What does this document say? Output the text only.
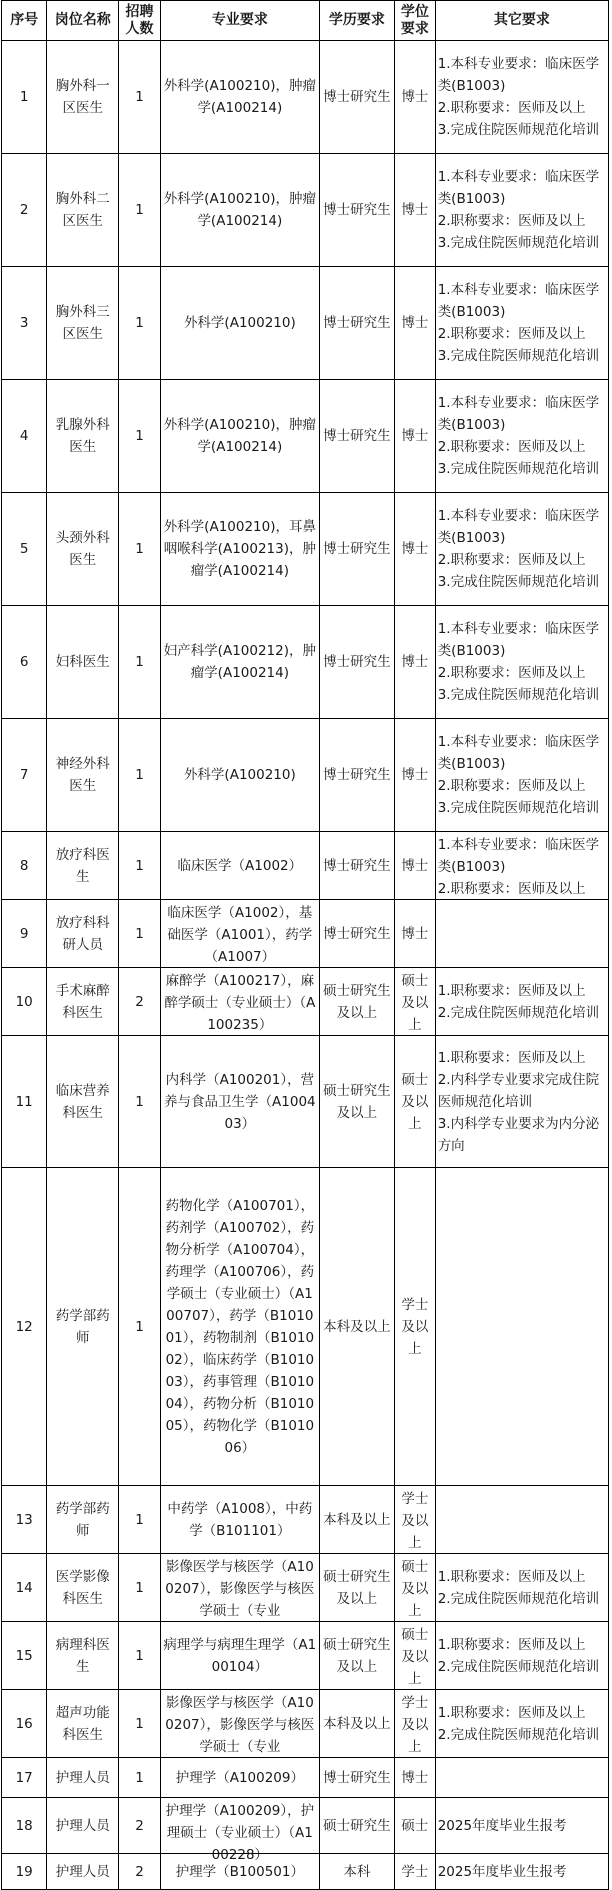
序号	岗位名称	招聘人数	专业要求	学历要求	学位要求	其它要求

1	胸外科一区医生	1	外科学(A100210)，肿瘤学(A100214)	博士研究生	博士	1.本科专业要求：临床医学类(B1003)
2.职称要求：医师及以上
3.完成住院医师规范化培训

2	胸外科二区医生	1	外科学(A100210)，肿瘤学(A100214)	博士研究生	博士	1.本科专业要求：临床医学类(B1003)
2.职称要求：医师及以上
3.完成住院医师规范化培训

3	胸外科三区医生	1	外科学(A100210)	博士研究生	博士	1.本科专业要求：临床医学类(B1003)
2.职称要求：医师及以上
3.完成住院医师规范化培训

4	乳腺外科医生	1	外科学(A100210)，肿瘤学(A100214)	博士研究生	博士	1.本科专业要求：临床医学类(B1003)
2.职称要求：医师及以上
3.完成住院医师规范化培训

5	头颈外科医生	1	外科学(A100210)，耳鼻咽喉科学(A100213)，肿瘤学(A100214)	博士研究生	博士	1.本科专业要求：临床医学类(B1003)
2.职称要求：医师及以上
3.完成住院医师规范化培训

6	妇科医生	1	妇产科学(A100212)，肿瘤学(A100214)	博士研究生	博士	1.本科专业要求：临床医学类(B1003)
2.职称要求：医师及以上
3.完成住院医师规范化培训

7	神经外科医生	1	外科学(A100210)	博士研究生	博士	1.本科专业要求：临床医学类(B1003)
2.职称要求：医师及以上
3.完成住院医师规范化培训

8	放疗科医生	1	临床医学（A1002）	博士研究生	博士	1.本科专业要求：临床医学类(B1003)
2.职称要求：医师及以上

9	放疗科科研人员	1	临床医学（A1002），基础医学（A1001），药学（A1007）	博士研究生	博士	

10	手术麻醉科医生	2	麻醉学（A100217），麻醉学硕士（专业硕士）（A100235）	硕士研究生及以上	硕士及以上	1.职称要求：医师及以上
2.完成住院医师规范化培训

11	临床营养科医生	1	内科学（A100201），营养与食品卫生学（A100403）	硕士研究生及以上	硕士及以上	1.职称要求：医师及以上
2.内科学专业要求完成住院医师规范化培训
3.内科学专业要求为内分泌方向

12	药学部药师	1	药物化学（A100701），药剂学（A100702），药物分析学（A100704），药理学（A100706），药学硕士（专业硕士）（A100707），药学（B101001），药物制剂（B101002），临床药学（B101003），药事管理（B101004），药物分析（B101005），药物化学（B101006）	本科及以上	学士及以上	

13	药学部药师	1	中药学（A1008），中药学（B101101）	本科及以上	学士及以上	

14	医学影像科医生	1	影像医学与核医学（A100207），影像医学与核医学硕士（专业	硕士研究生及以上	硕士及以上	1.职称要求：医师及以上
2.完成住院医师规范化培训

15	病理科医生	1	病理学与病理生理学（A100104）	硕士研究生及以上	硕士及以上	1.职称要求：医师及以上
2.完成住院医师规范化培训

16	超声功能科医生	1	影像医学与核医学（A100207），影像医学与核医学硕士（专业	本科及以上	学士及以上	1.职称要求：医师及以上
2.完成住院医师规范化培训

17	护理人员	1	护理学（A100209）	博士研究生	博士	

18	护理人员	2	护理学（A100209），护理硕士（专业硕士）（A100228）	硕士研究生	硕士	2025年度毕业生报考

19	护理人员	2	护理学（B100501）	本科	学士	2025年度毕业生报考
